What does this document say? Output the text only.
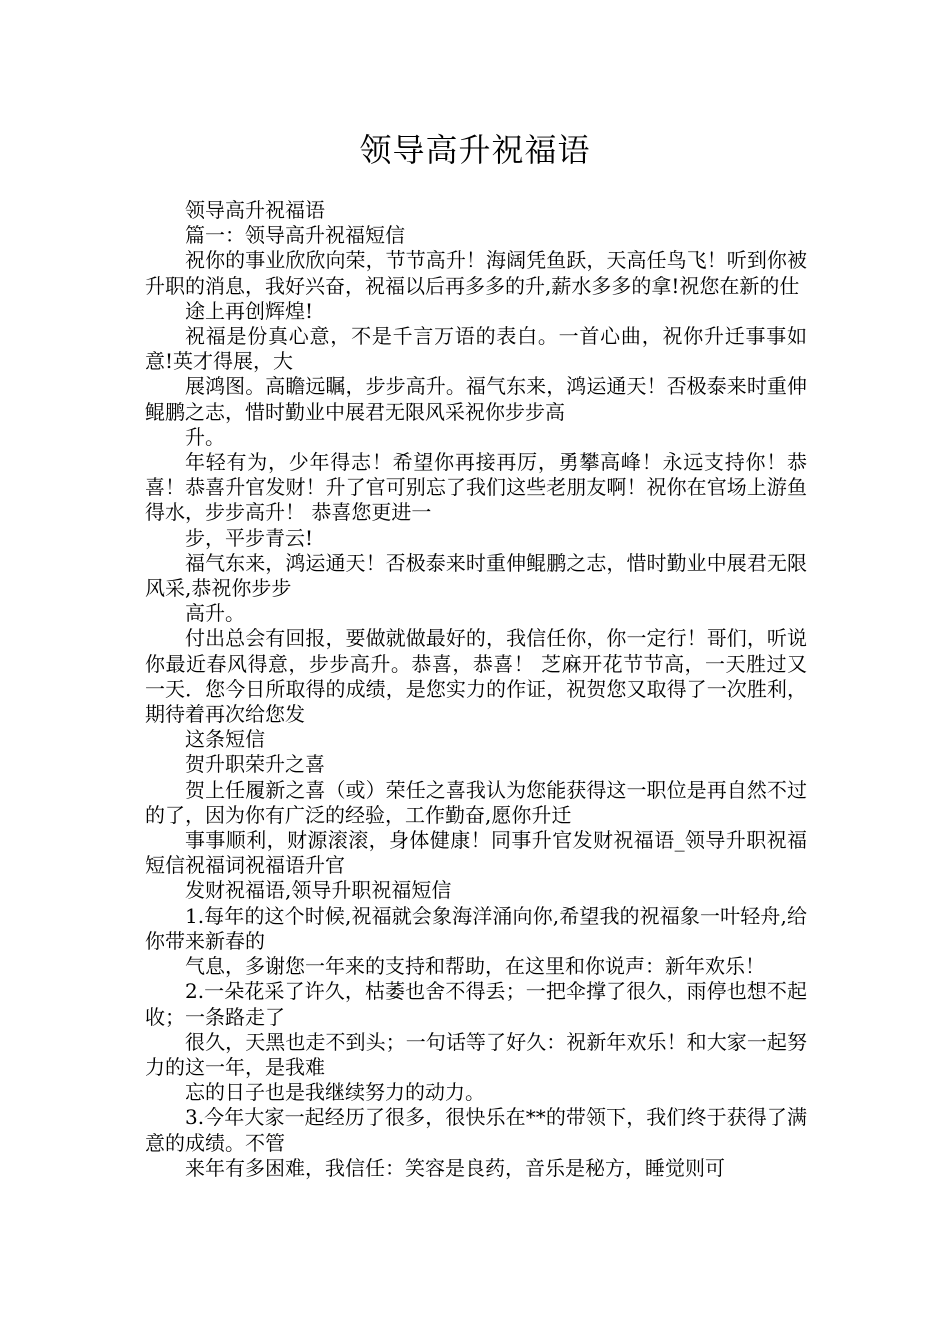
领导高升祝福语

领导高升祝福语

篇一：领导高升祝福短信

祝你的事业欣欣向荣，节节高升！海阔凭鱼跃，天高任鸟飞！听到你被升职的消息，我好兴奋，祝福以后再多多的升,薪水多多的拿!祝您在新的仕

途上再创辉煌!

祝福是份真心意，不是千言万语的表白。一首心曲，祝你升迁事事如意!英才得展，大

展鸿图。高瞻远瞩，步步高升。福气东来，鸿运通天！否极泰来时重伸鲲鹏之志，惜时勤业中展君无限风采祝你步步高

升。

年轻有为，少年得志！希望你再接再厉，勇攀高峰！永远支持你！恭喜！恭喜升官发财！升了官可别忘了我们这些老朋友啊！祝你在官场上游鱼得水，步步高升！ 恭喜您更进一

步，平步青云!

福气东来，鸿运通天！否极泰来时重伸鲲鹏之志，惜时勤业中展君无限风采,恭祝你步步

高升。

付出总会有回报，要做就做最好的，我信任你，你一定行！哥们，听说你最近春风得意，步步高升。恭喜，恭喜！ 芝麻开花节节高，一天胜过又一天．您今日所取得的成绩，是您实力的作证，祝贺您又取得了一次胜利，期待着再次给您发

这条短信

贺升职荣升之喜

贺上任履新之喜（或）荣任之喜我认为您能获得这一职位是再自然不过的了，因为你有广泛的经验，工作勤奋,愿你升迁

事事顺利，财源滚滚，身体健康！同事升官发财祝福语_领导升职祝福短信祝福词祝福语升官

发财祝福语,领导升职祝福短信

1.每年的这个时候,祝福就会象海洋涌向你,希望我的祝福象一叶轻舟,给你带来新春的

气息，多谢您一年来的支持和帮助，在这里和你说声：新年欢乐！

2.一朵花采了许久，枯萎也舍不得丢；一把伞撑了很久，雨停也想不起收；一条路走了

很久，天黑也走不到头；一句话等了好久：祝新年欢乐！和大家一起努力的这一年，是我难

忘的日子也是我继续努力的动力。

3.今年大家一起经历了很多，很快乐在**的带领下，我们终于获得了满意的成绩。不管

来年有多困难，我信任：笑容是良药，音乐是秘方，睡觉则可
